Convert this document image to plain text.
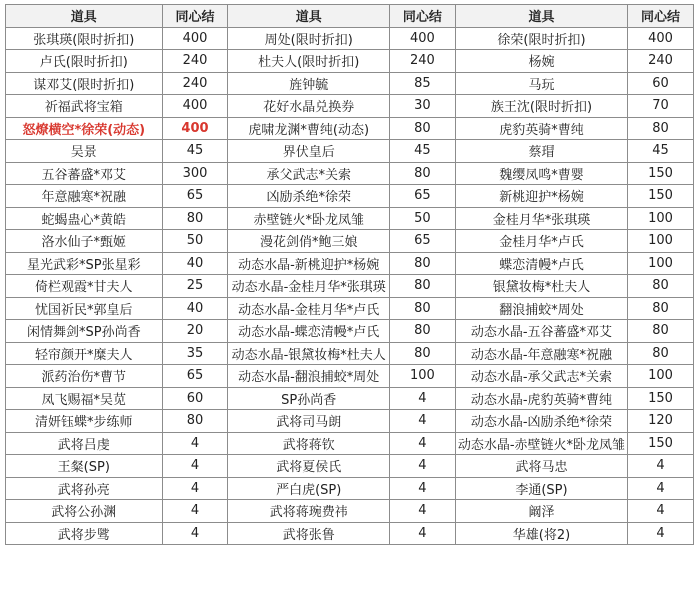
道具	同心结	道具	同心结	道具	同心结
张琪瑛(限时折扣)	400	周处(限时折扣)	400	徐荣(限时折扣)	400
卢氏(限时折扣)	240	杜夫人(限时折扣)	240	杨婉	240
谋邓艾(限时折扣)	240	旌钟毓	85	马玩	60
祈福武将宝箱	400	花好水晶兑换券	30	族王沈(限时折扣)	70
怒燎横空*徐荣(动态)	400	虎啸龙渊*曹纯(动态)	80	虎豹英骑*曹纯	80
吴景	45	界伏皇后	45	蔡瑁	45
五谷蕃盛*邓艾	300	承父武志*关索	80	魏缨凤鸣*曹婴	150
年意融寒*祝融	65	凶励杀绝*徐荣	65	新桃迎护*杨婉	150
蛇蝎蛊心*黄皓	80	赤壁链火*卧龙凤雏	50	金桂月华*张琪瑛	100
洛水仙子*甄姬	50	漫花剑俏*鲍三娘	65	金桂月华*卢氏	100
星光武彩*SP张星彩	40	动态水晶-新桃迎护*杨婉	80	蝶恋清幔*卢氏	100
倚栏观霞*甘夫人	25	动态水晶-金桂月华*张琪瑛	80	银黛妆梅*杜夫人	80
忧国祈民*郭皇后	40	动态水晶-金桂月华*卢氏	80	翻浪捕蛟*周处	80
闲情舞剑*SP孙尚香	20	动态水晶-蝶恋清幔*卢氏	80	动态水晶-五谷蕃盛*邓艾	80
轻帘颜开*糜夫人	35	动态水晶-银黛妆梅*杜夫人	80	动态水晶-年意融寒*祝融	80
派药治伤*曹节	65	动态水晶-翻浪捕蛟*周处	100	动态水晶-承父武志*关索	100
凤飞赐福*吴苋	60	SP孙尚香	4	动态水晶-虎豹英骑*曹纯	150
清妍钰蝶*步练师	80	武将司马朗	4	动态水晶-凶励杀绝*徐荣	120
武将吕虔	4	武将蒋钦	4	动态水晶-赤壁链火*卧龙凤雏	150
王粲(SP)	4	武将夏侯氏	4	武将马忠	4
武将孙亮	4	严白虎(SP)	4	李通(SP)	4
武将公孙渊	4	武将蒋琬费祎	4	阚泽	4
武将步骘	4	武将张鲁	4	华雄(将2)	4
